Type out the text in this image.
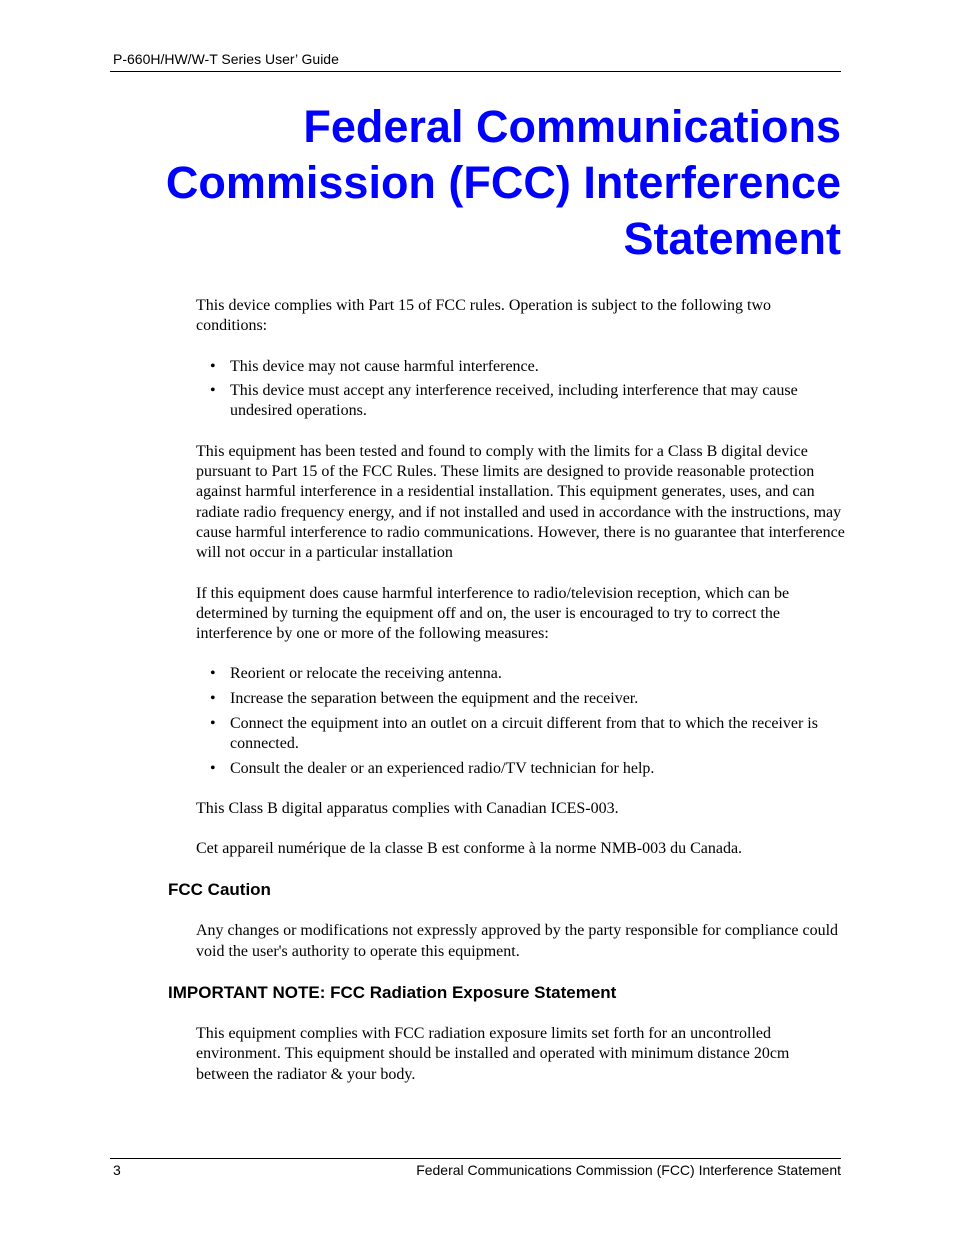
P-660H/HW/W-T Series User’ Guide
Federal Communications
Commission (FCC) Interference
Statement

This device complies with Part 15 of FCC rules. Operation is subject to the following two conditions:

• This device may not cause harmful interference.
• This device must accept any interference received, including interference that may cause undesired operations.

This equipment has been tested and found to comply with the limits for a Class B digital device pursuant to Part 15 of the FCC Rules. These limits are designed to provide reasonable protection against harmful interference in a residential installation. This equipment generates, uses, and can radiate radio frequency energy, and if not installed and used in accordance with the instructions, may cause harmful interference to radio communications. However, there is no guarantee that interference will not occur in a particular installation

If this equipment does cause harmful interference to radio/television reception, which can be determined by turning the equipment off and on, the user is encouraged to try to correct the interference by one or more of the following measures:

• Reorient or relocate the receiving antenna.
• Increase the separation between the equipment and the receiver.
• Connect the equipment into an outlet on a circuit different from that to which the receiver is connected.
• Consult the dealer or an experienced radio/TV technician for help.

This Class B digital apparatus complies with Canadian ICES-003.

Cet appareil numérique de la classe B est conforme à la norme NMB-003 du Canada.

FCC Caution

Any changes or modifications not expressly approved by the party responsible for compliance could void the user's authority to operate this equipment.

IMPORTANT NOTE: FCC Radiation Exposure Statement

This equipment complies with FCC radiation exposure limits set forth for an uncontrolled environment. This equipment should be installed and operated with minimum distance 20cm between the radiator & your body.

3	Federal Communications Commission (FCC) Interference Statement
